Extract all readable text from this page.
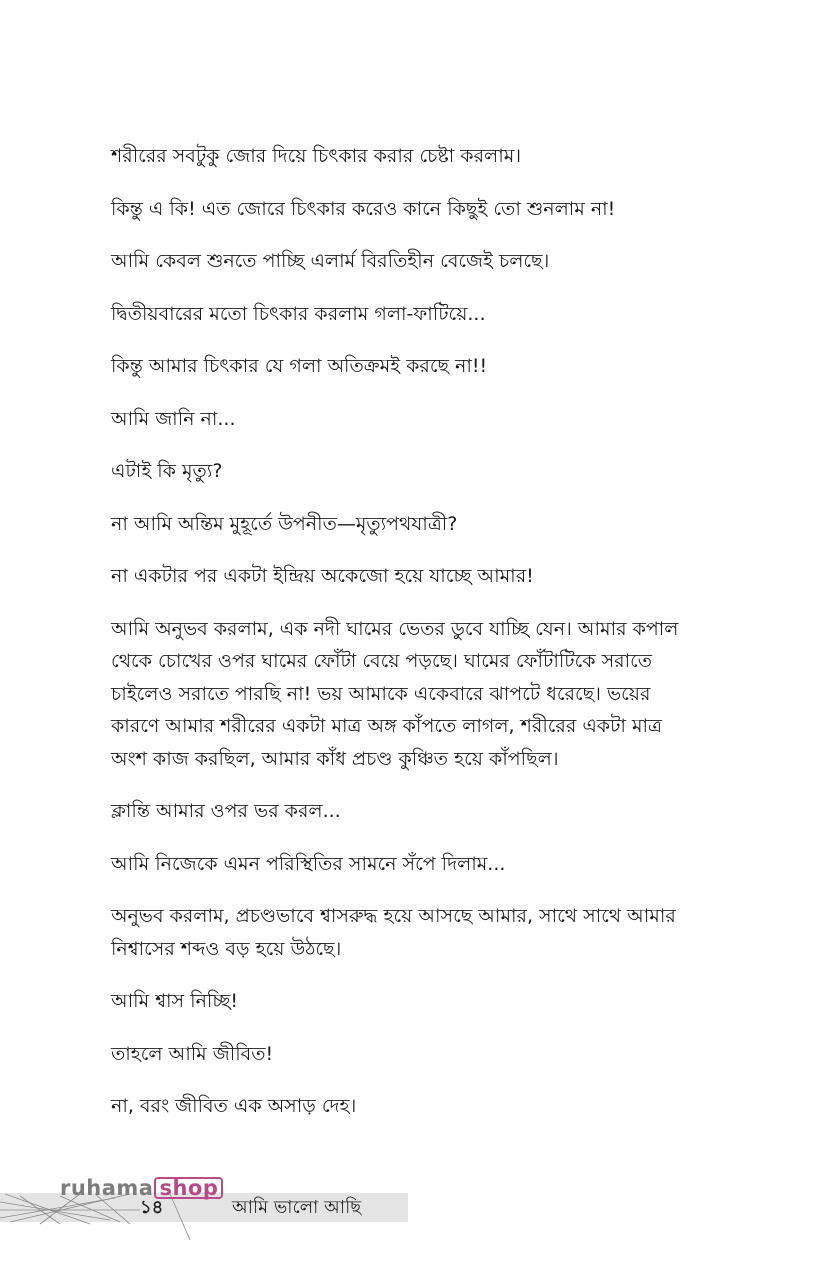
শরীরের সবটুকু জোর দিয়ে চিৎকার করার চেষ্টা করলাম।

কিন্তু এ কি! এত জোরে চিৎকার করেও কানে কিছুই তো শুনলাম না!

আমি কেবল শুনতে পাচ্ছি এলার্ম বিরতিহীন বেজেই চলছে।

দ্বিতীয়বারের মতো চিৎকার করলাম গলা-ফাটিয়ে...

কিন্তু আমার চিৎকার যে গলা অতিক্রমই করছে না!!

আমি জানি না...

এটাই কি মৃত্যু?

না আমি অন্তিম মুহূর্তে উপনীত—মৃত্যুপথযাত্রী?

না একটার পর একটা ইন্দ্রিয় অকেজো হয়ে যাচ্ছে আমার!

আমি অনুভব করলাম, এক নদী ঘামের ভেতর ডুবে যাচ্ছি যেন। আমার কপাল
থেকে চোখের ওপর ঘামের ফোঁটা বেয়ে পড়ছে। ঘামের ফোঁটাটিকে সরাতে
চাইলেও সরাতে পারছি না! ভয় আমাকে একেবারে ঝাপটে ধরেছে। ভয়ের
কারণে আমার শরীরের একটা মাত্র অঙ্গ কাঁপতে লাগল, শরীরের একটা মাত্র
অংশ কাজ করছিল, আমার কাঁধ প্রচণ্ড কুঞ্চিত হয়ে কাঁপছিল।

ক্লান্তি আমার ওপর ভর করল...

আমি নিজেকে এমন পরিস্থিতির সামনে সঁপে দিলাম...

অনুভব করলাম, প্রচণ্ডভাবে শ্বাসরুদ্ধ হয়ে আসছে আমার, সাথে সাথে আমার
নিশ্বাসের শব্দও বড় হয়ে উঠছে।

আমি শ্বাস নিচ্ছি!

তাহলে আমি জীবিত!

না, বরং জীবিত এক অসাড় দেহ।

ruhama shop
১৪	আমি ভালো আছি
